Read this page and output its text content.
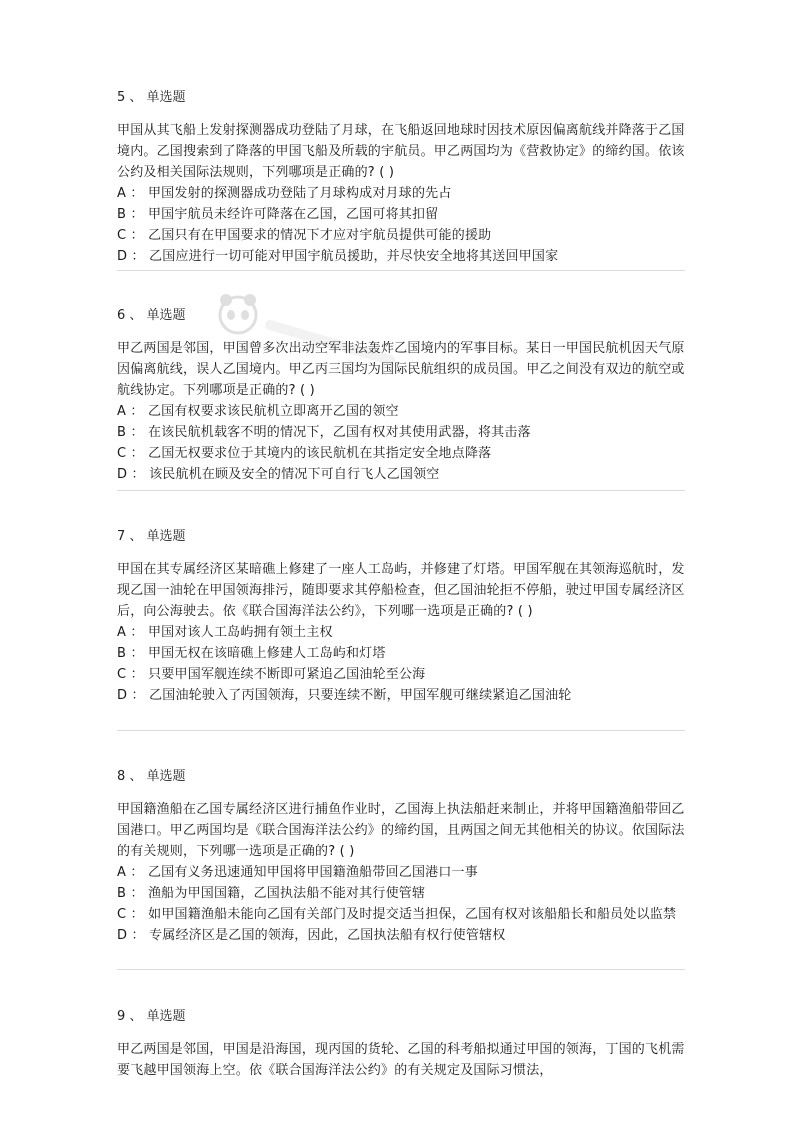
5 、 单选题

甲国从其飞船上发射探测器成功登陆了月球，在飞船返回地球时因技术原因偏离航线并降落于乙国境内。乙国搜索到了降落的甲国飞船及所载的宇航员。甲乙两国均为《营救协定》的缔约国。依该公约及相关国际法规则，下列哪项是正确的? ( )

A ： 甲国发射的探测器成功登陆了月球构成对月球的先占

B ： 甲国宇航员未经许可降落在乙国，乙国可将其扣留

C ： 乙国只有在甲国要求的情况下才应对宇航员提供可能的援助

D ： 乙国应进行一切可能对甲国宇航员援助，并尽快安全地将其送回甲国家

6 、 单选题

甲乙两国是邻国，甲国曾多次出动空军非法轰炸乙国境内的军事目标。某日一甲国民航机因天气原因偏离航线，误人乙国境内。甲乙丙三国均为国际民航组织的成员国。甲乙之间没有双边的航空或航线协定。下列哪项是正确的? ( )

A ： 乙国有权要求该民航机立即离开乙国的领空

B ： 在该民航机载客不明的情况下，乙国有权对其使用武器，将其击落

C ： 乙国无权要求位于其境内的该民航机在其指定安全地点降落

D ： 该民航机在顾及安全的情况下可自行飞人乙国领空

7 、 单选题

甲国在其专属经济区某暗礁上修建了一座人工岛屿，并修建了灯塔。甲国军舰在其领海巡航时，发现乙国一油轮在甲国领海排污，随即要求其停船检查，但乙国油轮拒不停船，驶过甲国专属经济区后，向公海驶去。依《联合国海洋法公约》，下列哪一选项是正确的? ( )

A ： 甲国对该人工岛屿拥有领土主权

B ： 甲国无权在该暗礁上修建人工岛屿和灯塔

C ： 只要甲国军舰连续不断即可紧追乙国油轮至公海

D ： 乙国油轮驶入了丙国领海，只要连续不断，甲国军舰可继续紧追乙国油轮

8 、 单选题

甲国籍渔船在乙国专属经济区进行捕鱼作业时，乙国海上执法船赶来制止，并将甲国籍渔船带回乙国港口。甲乙两国均是《联合国海洋法公约》的缔约国，且两国之间无其他相关的协议。依国际法的有关规则，下列哪一选项是正确的? ( )

A ： 乙国有义务迅速通知甲国将甲国籍渔船带回乙国港口一事

B ： 渔船为甲国国籍，乙国执法船不能对其行使管辖

C ： 如甲国籍渔船未能向乙国有关部门及时提交适当担保，乙国有权对该船船长和船员处以监禁

D ： 专属经济区是乙国的领海，因此，乙国执法船有权行使管辖权

9 、 单选题

甲乙两国是邻国，甲国是沿海国，现丙国的货轮、乙国的科考船拟通过甲国的领海，丁国的飞机需要飞越甲国领海上空。依《联合国海洋法公约》的有关规定及国际习惯法，
